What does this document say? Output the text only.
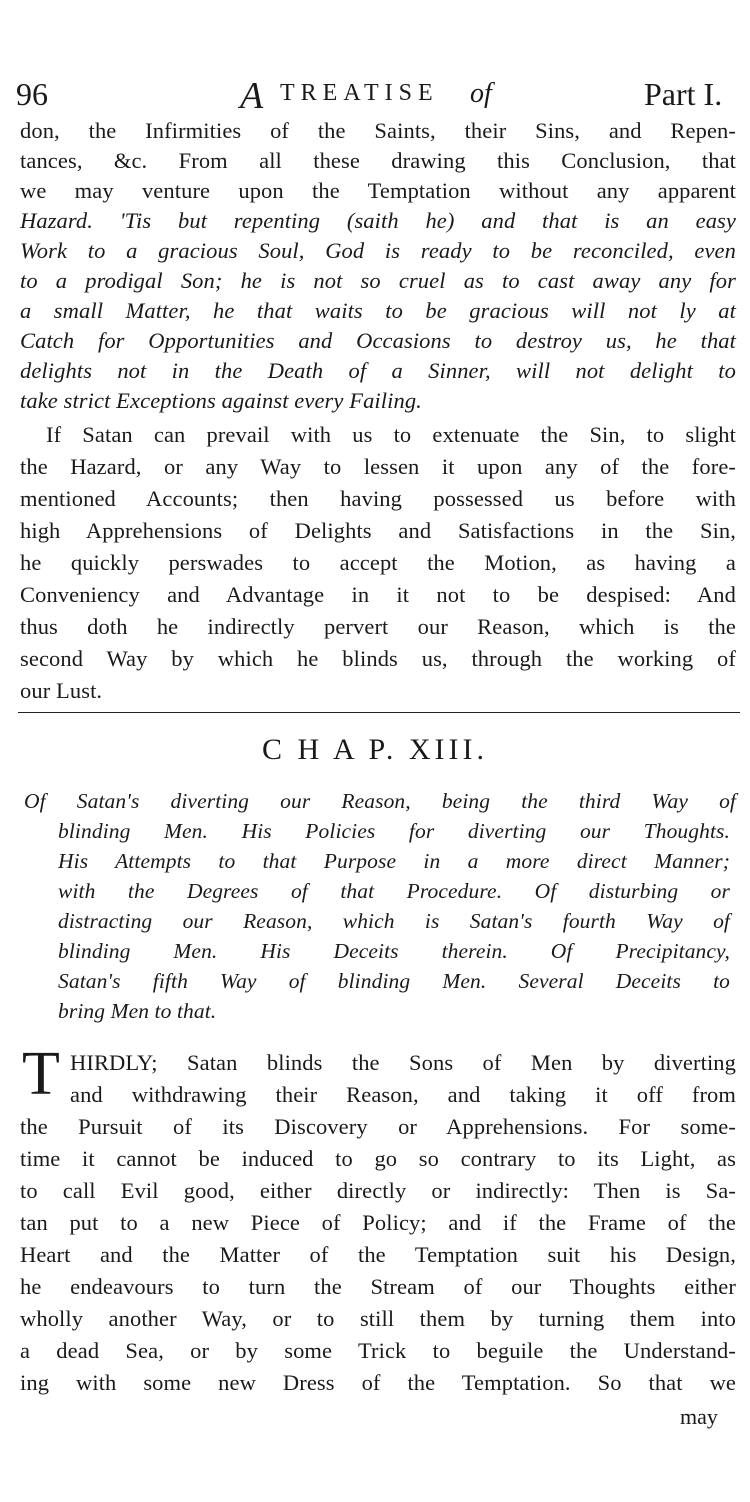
96	A TREATISE of	Part I.
don, the Infirmities of the Saints, their Sins, and Repen-
tances, &c. From all these drawing this Conclusion, that
we may venture upon the Temptation without any apparent
Hazard. 'Tis but repenting (saith he) and that is an easy
Work to a gracious Soul, God is ready to be reconciled, even
to a prodigal Son; he is not so cruel as to cast away any for
a small Matter, he that waits to be gracious will not ly at
Catch for Opportunities and Occasions to destroy us, he that
delights not in the Death of a Sinner, will not delight to
take strict Exceptions against every Failing.
If Satan can prevail with us to extenuate the Sin, to slight
the Hazard, or any Way to lessen it upon any of the fore-
mentioned Accounts; then having possessed us before with
high Apprehensions of Delights and Satisfactions in the Sin,
he quickly perswades to accept the Motion, as having a
Conveniency and Advantage in it not to be despised: And
thus doth he indirectly pervert our Reason, which is the
second Way by which he blinds us, through the working of
our Lust.
C H A P. XIII.
Of Satan's diverting our Reason, being the third Way of
blinding Men. His Policies for diverting our Thoughts.
His Attempts to that Purpose in a more direct Manner;
with the Degrees of that Procedure. Of disturbing or
distracting our Reason, which is Satan's fourth Way of
blinding Men. His Deceits therein. Of Precipitancy,
Satan's fifth Way of blinding Men. Several Deceits to
bring Men to that.
T HIRDLY; Satan blinds the Sons of Men by diverting
and withdrawing their Reason, and taking it off from
the Pursuit of its Discovery or Apprehensions. For some-
time it cannot be induced to go so contrary to its Light, as
to call Evil good, either directly or indirectly: Then is Sa-
tan put to a new Piece of Policy; and if the Frame of the
Heart and the Matter of the Temptation suit his Design,
he endeavours to turn the Stream of our Thoughts either
wholly another Way, or to still them by turning them into
a dead Sea, or by some Trick to beguile the Understand-
ing with some new Dress of the Temptation. So that we
may
